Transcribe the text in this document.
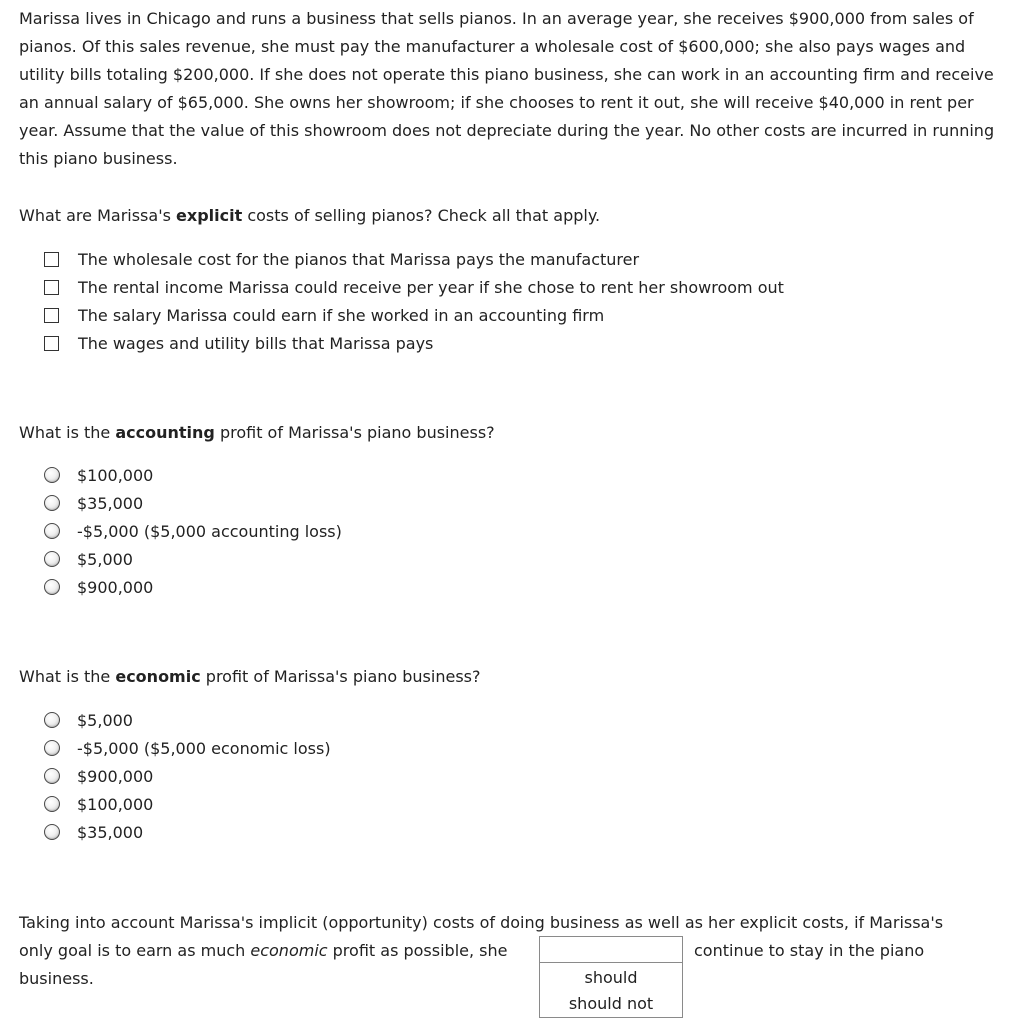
Marissa lives in Chicago and runs a business that sells pianos. In an average year, she receives $900,000 from sales of pianos. Of this sales revenue, she must pay the manufacturer a wholesale cost of $600,000; she also pays wages and utility bills totaling $200,000. If she does not operate this piano business, she can work in an accounting firm and receive an annual salary of $65,000. She owns her showroom; if she chooses to rent it out, she will receive $40,000 in rent per year. Assume that the value of this showroom does not depreciate during the year. No other costs are incurred in running this piano business.

What are Marissa's explicit costs of selling pianos? Check all that apply.
The wholesale cost for the pianos that Marissa pays the manufacturer
The rental income Marissa could receive per year if she chose to rent her showroom out
The salary Marissa could earn if she worked in an accounting firm
The wages and utility bills that Marissa pays
What is the accounting profit of Marissa's piano business?
$100,000
$35,000
-$5,000 ($5,000 accounting loss)
$5,000
$900,000
What is the economic profit of Marissa's piano business?
$5,000
-$5,000 ($5,000 economic loss)
$900,000
$100,000
$35,000
Taking into account Marissa's implicit (opportunity) costs of doing business as well as her explicit costs, if Marissa's
only goal is to earn as much economic profit as possible, she
business.
continue to stay in the piano
should
should not
